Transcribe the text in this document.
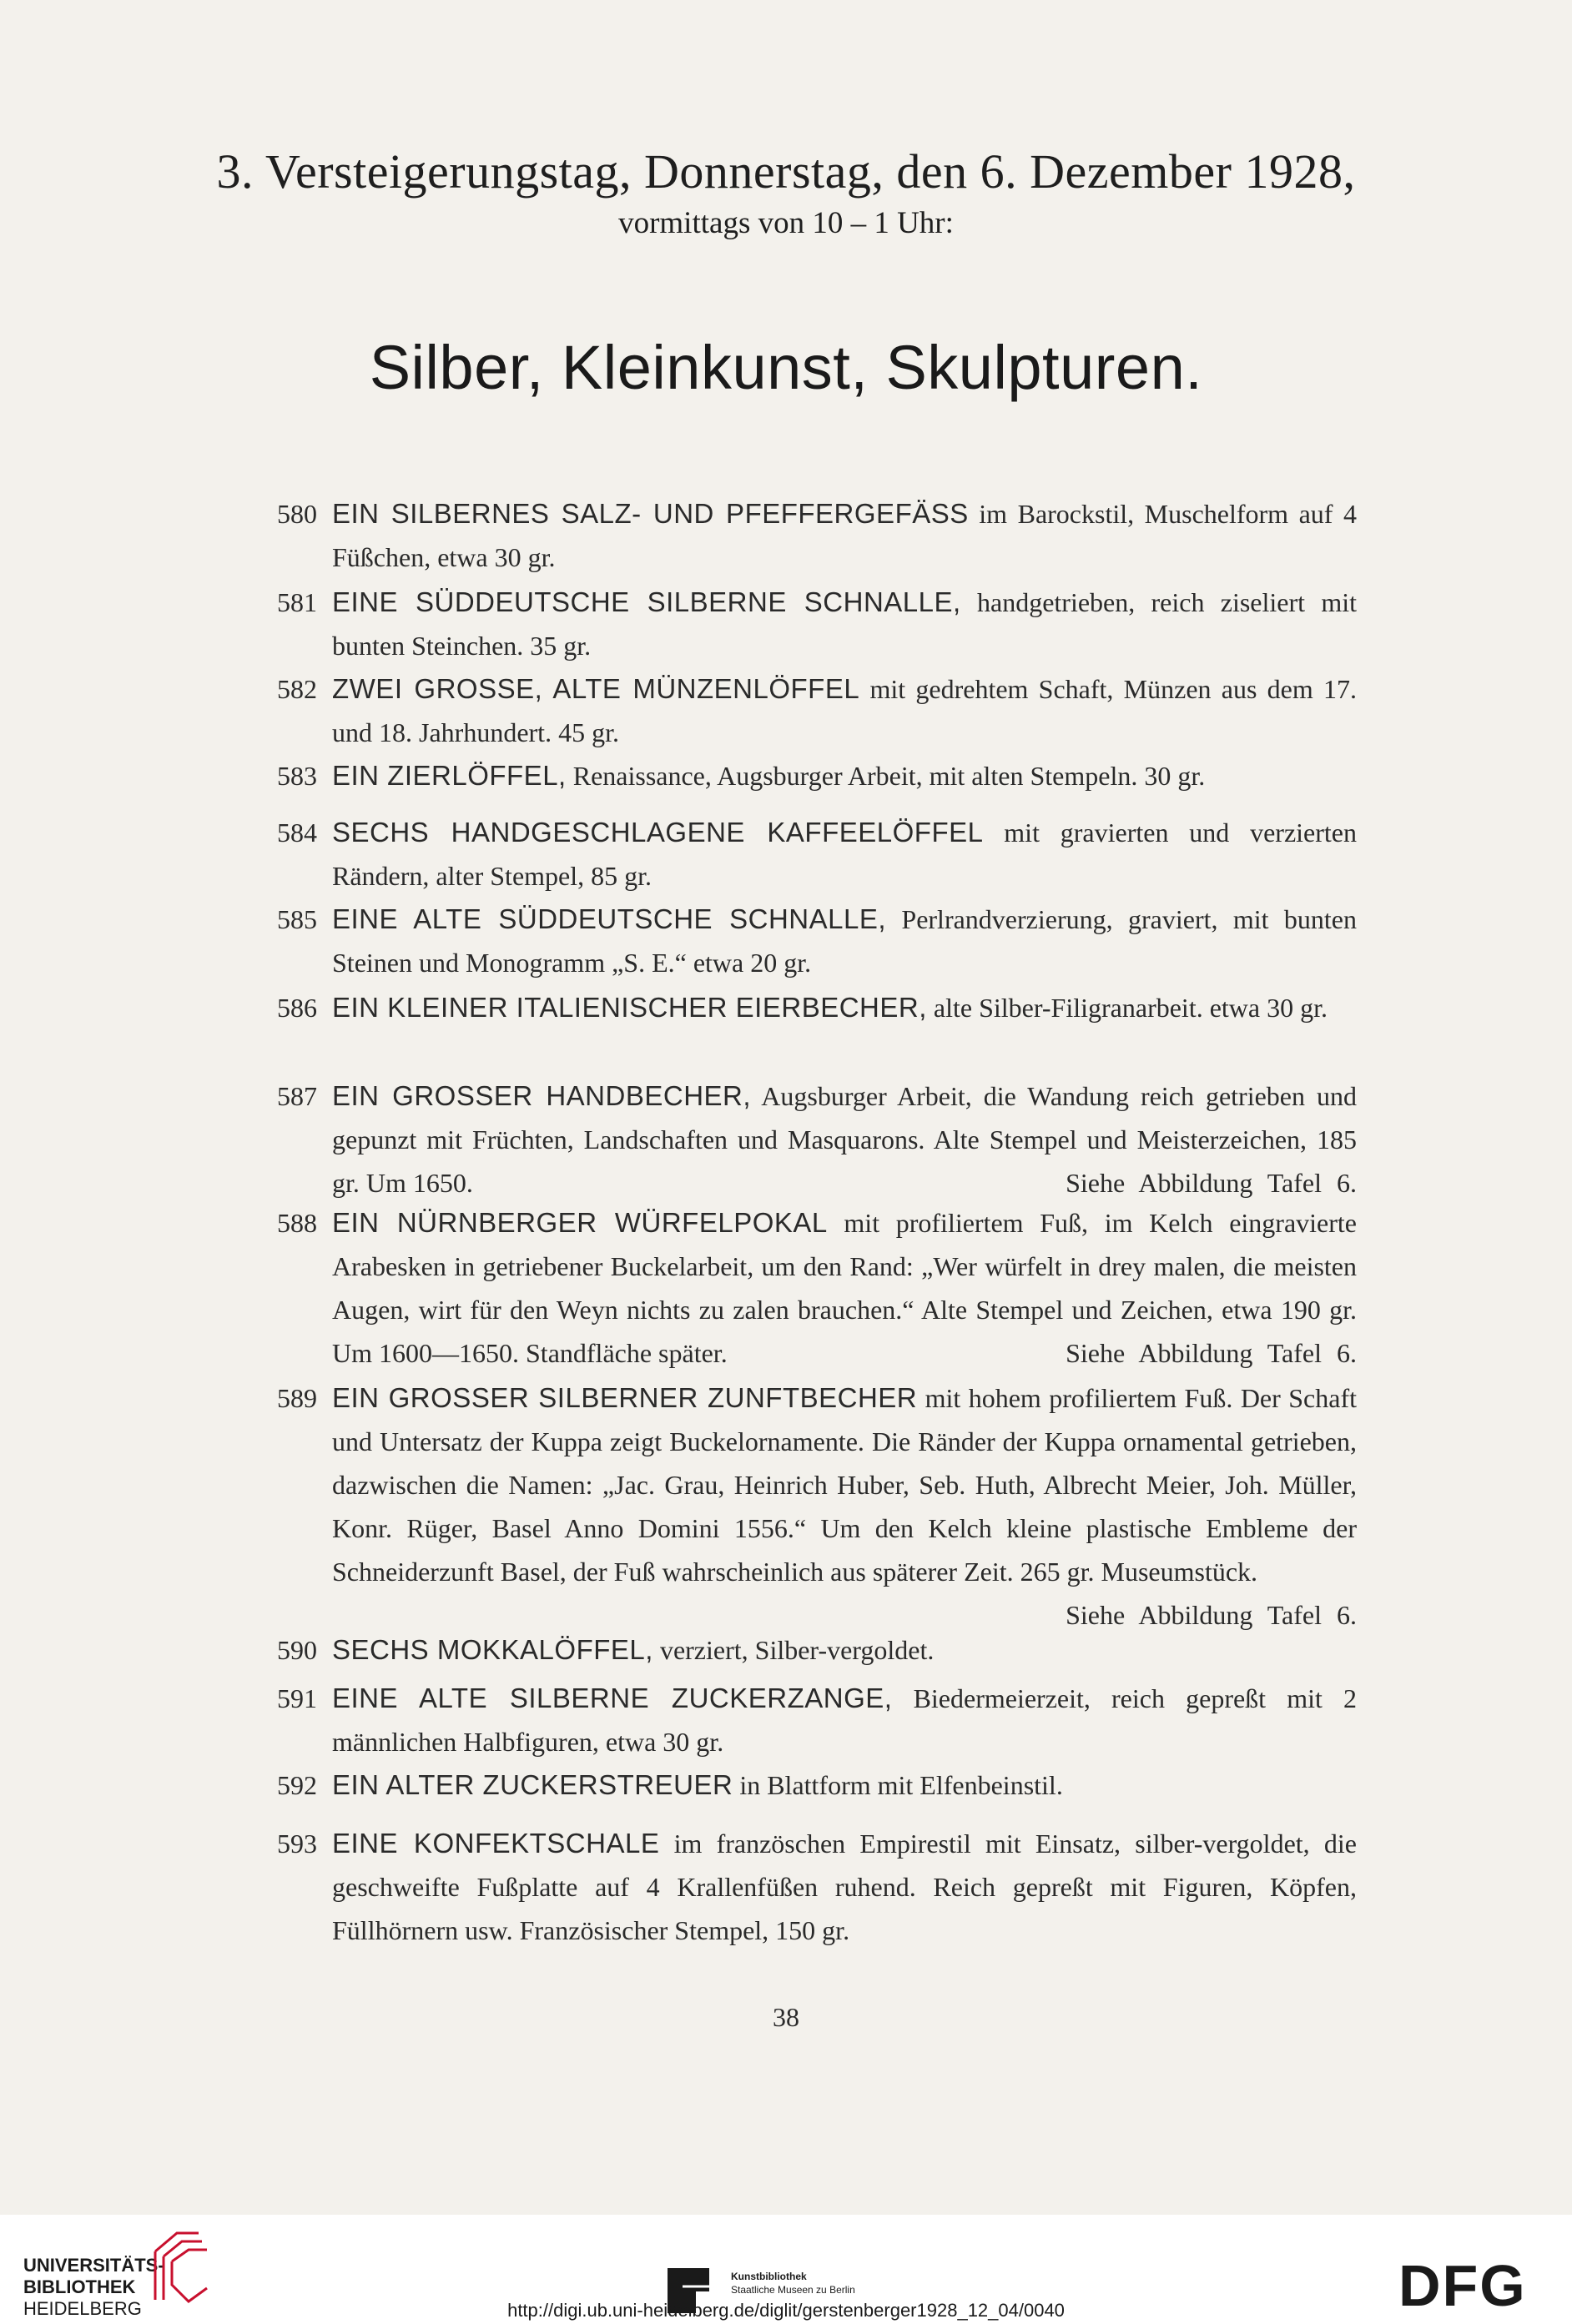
3. Versteigerungstag, Donnerstag, den 6. Dezember 1928,
vormittags von 10 – 1 Uhr:
Silber, Kleinkunst, Skulpturen.
580 EIN SILBERNES SALZ- UND PFEFFERGEFÄSS im Barockstil, Muschelform auf 4 Füßchen, etwa 30 gr.
581 EINE SÜDDEUTSCHE SILBERNE SCHNALLE, handgetrieben, reich ziseliert mit bunten Steinchen. 35 gr.
582 ZWEI GROSSE, ALTE MÜNZENLÖFFEL mit gedrehtem Schaft, Münzen aus dem 17. und 18. Jahrhundert. 45 gr.
583 EIN ZIERLÖFFEL, Renaissance, Augsburger Arbeit, mit alten Stempeln. 30 gr.
584 SECHS HANDGESCHLAGENE KAFFEELÖFFEL mit gravierten und verzierten Rändern, alter Stempel, 85 gr.
585 EINE ALTE SÜDDEUTSCHE SCHNALLE, Perlrandverzierung, graviert, mit bunten Steinen und Monogramm „S. E.“ etwa 20 gr.
586 EIN KLEINER ITALIENISCHER EIERBECHER, alte Silber-Filigranarbeit. etwa 30 gr.
587 EIN GROSSER HANDBECHER, Augsburger Arbeit, die Wandung reich getrieben und gepunzt mit Früchten, Landschaften und Masquarons. Alte Stempel und Meisterzeichen, 185 gr. Um 1650.	Siehe Abbildung Tafel 6.
588 EIN NÜRNBERGER WÜRFELPOKAL mit profiliertem Fuß, im Kelch eingravierte Arabesken in getriebener Buckelarbeit, um den Rand: „Wer würfelt in drey malen, die meisten Augen, wirt für den Weyn nichts zu zalen brauchen.“ Alte Stempel und Zeichen, etwa 190 gr. Um 1600—1650. Standfläche später.	Siehe Abbildung Tafel 6.
589 EIN GROSSER SILBERNER ZUNFTBECHER mit hohem profiliertem Fuß. Der Schaft und Untersatz der Kuppa zeigt Buckelornamente. Die Ränder der Kuppa ornamental getrieben, dazwischen die Namen: „Jac. Grau, Heinrich Huber, Seb. Huth, Albrecht Meier, Joh. Müller, Konr. Rüger, Basel Anno Domini 1556.“ Um den Kelch kleine plastische Embleme der Schneiderzunft Basel, der Fuß wahrscheinlich aus späterer Zeit. 265 gr. Museumstück.
Siehe Abbildung Tafel 6.
590 SECHS MOKKALÖFFEL, verziert, Silber-vergoldet.
591 EINE ALTE SILBERNE ZUCKERZANGE, Biedermeierzeit, reich gepreßt mit 2 männlichen Halbfiguren, etwa 30 gr.
592 EIN ALTER ZUCKERSTREUER in Blattform mit Elfenbeinstil.
593 EINE KONFEKTSCHALE im französchen Empirestil mit Einsatz, silber-vergoldet, die geschweifte Fußplatte auf 4 Krallenfüßen ruhend. Reich gepreßt mit Figuren, Köpfen, Füllhörnern usw. Französischer Stempel, 150 gr.
38
UNIVERSITÄTS-
BIBLIOTHEK
HEIDELBERG
Kunstbibliothek
Staatliche Museen zu Berlin	DFG
http://digi.ub.uni-heidelberg.de/diglit/gerstenberger1928_12_04/0040
